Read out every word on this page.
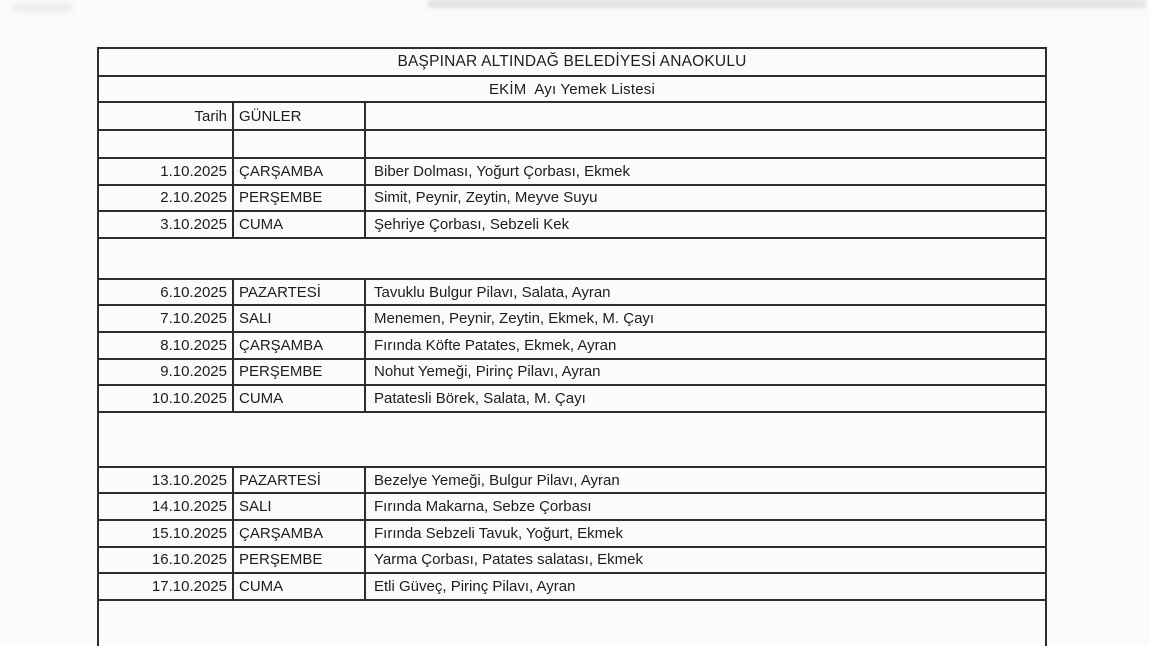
BAŞPINAR ALTINDAĞ BELEDİYESİ ANAOKULU
EKİM  Ayı Yemek Listesi
Tarih GÜNLER
1.10.2025 ÇARŞAMBA	Biber Dolması, Yoğurt Çorbası, Ekmek
2.10.2025 PERŞEMBE	Simit, Peynir, Zeytin, Meyve Suyu
3.10.2025 CUMA	Şehriye Çorbası, Sebzeli Kek
6.10.2025 PAZARTESİ	Tavuklu Bulgur Pilavı, Salata, Ayran
7.10.2025 SALI	Menemen, Peynir, Zeytin, Ekmek, M. Çayı
8.10.2025 ÇARŞAMBA	Fırında Köfte Patates, Ekmek, Ayran
9.10.2025 PERŞEMBE	Nohut Yemeği, Pirinç Pilavı, Ayran
10.10.2025 CUMA	Patatesli Börek, Salata, M. Çayı
13.10.2025 PAZARTESİ	Bezelye Yemeği, Bulgur Pilavı, Ayran
14.10.2025 SALI	Fırında Makarna, Sebze Çorbası
15.10.2025 ÇARŞAMBA	Fırında Sebzeli Tavuk, Yoğurt, Ekmek
16.10.2025 PERŞEMBE	Yarma Çorbası, Patates salatası, Ekmek
17.10.2025 CUMA	Etli Güveç, Pirinç Pilavı, Ayran
